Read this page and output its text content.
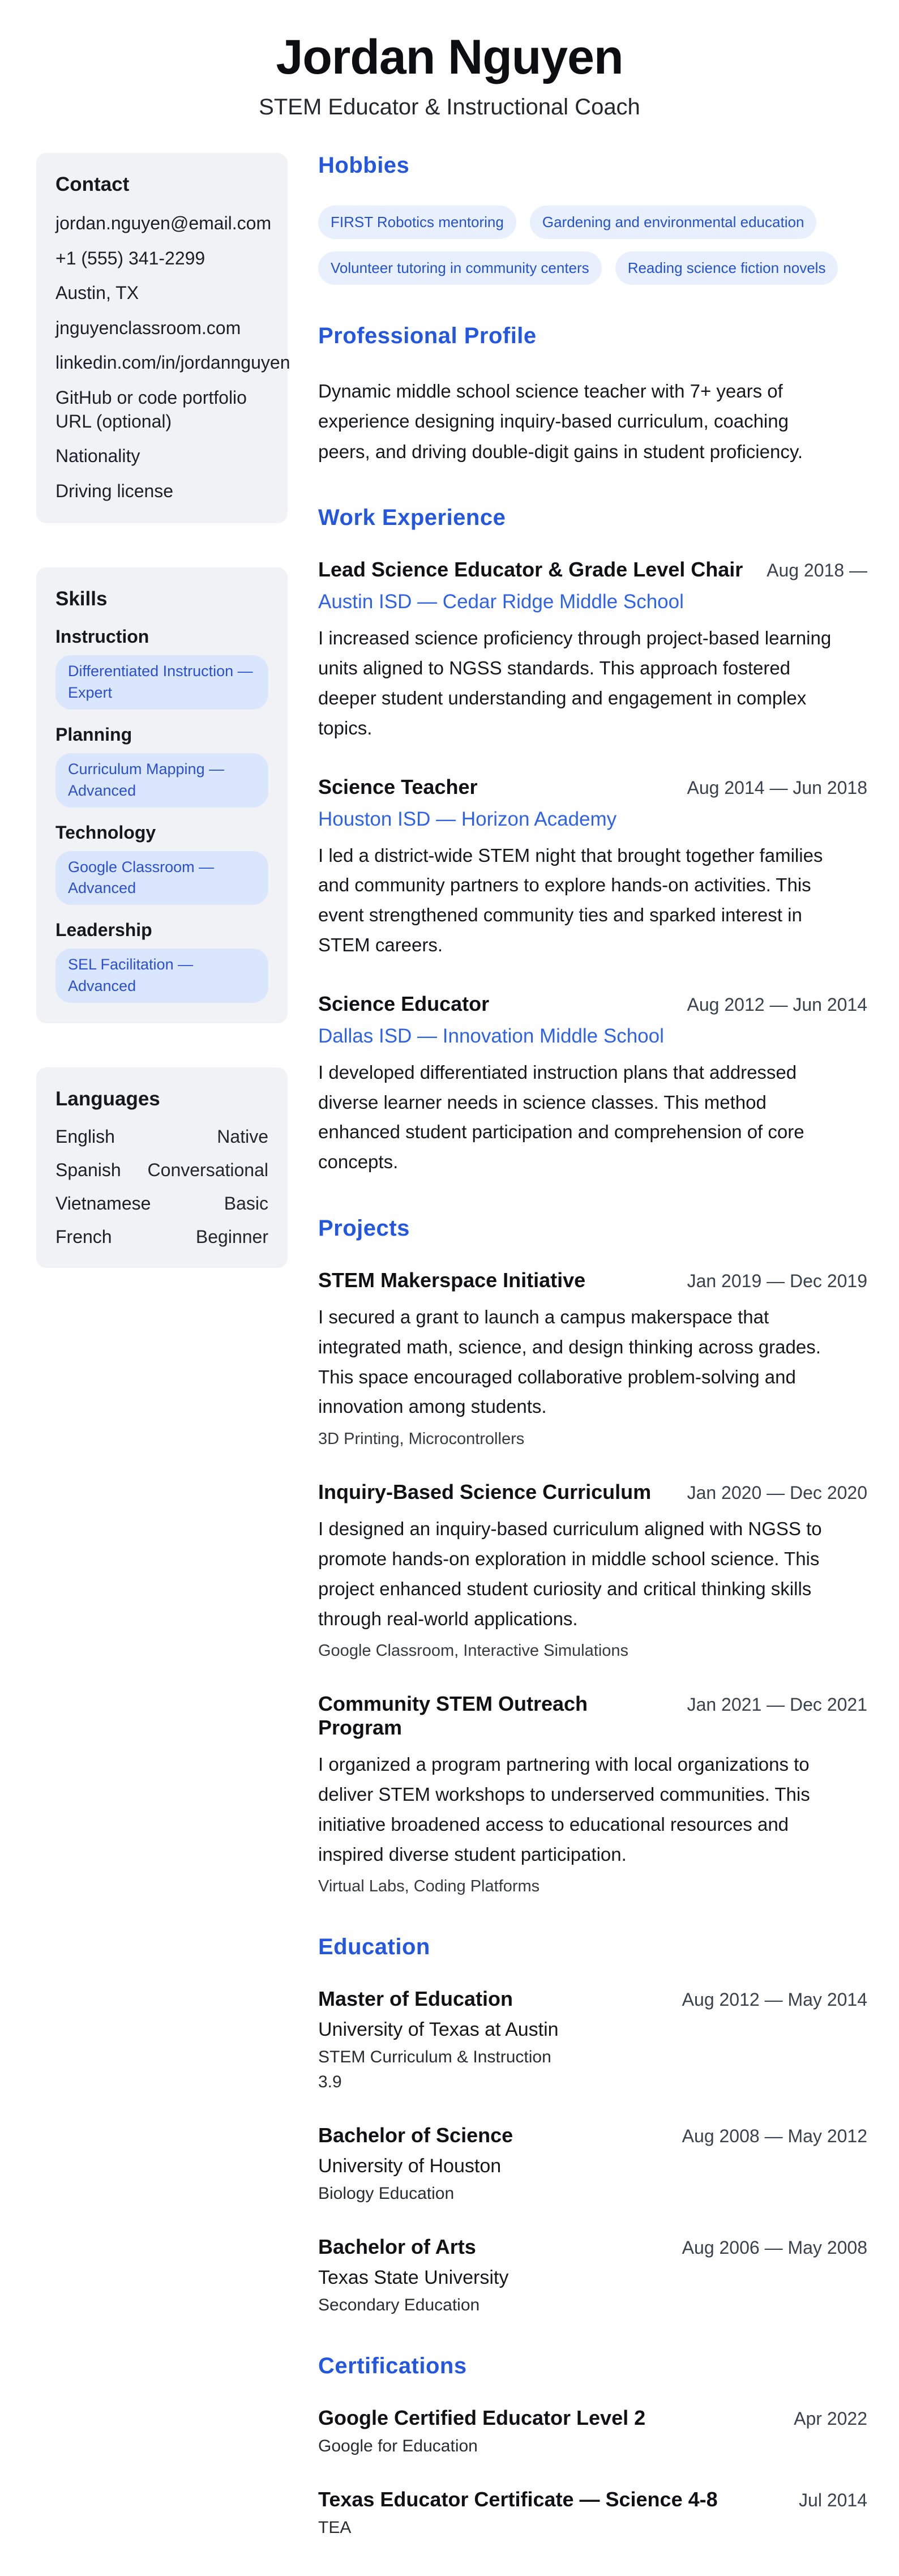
Jordan Nguyen
STEM Educator & Instructional Coach
Contact
jordan.nguyen@email.com
+1 (555) 341-2299
Austin, TX
jnguyenclassroom.com
linkedin.com/in/jordannguyen
GitHub or code portfolio URL (optional)
Nationality
Driving license
Skills
Instruction
Differentiated Instruction — Expert
Planning
Curriculum Mapping — Advanced
Technology
Google Classroom — Advanced
Leadership
SEL Facilitation — Advanced
Languages
English	Native
Spanish Conversational
Vietnamese	Basic
French	Beginner
Hobbies
FIRST Robotics mentoring	Gardening and environmental education
Volunteer tutoring in community centers	Reading science fiction novels
Professional Profile
Dynamic middle school science teacher with 7+ years of experience designing inquiry-based curriculum, coaching peers, and driving double-digit gains in student proficiency.
Work Experience
Lead Science Educator & Grade Level Chair Aug 2018 —
Austin ISD — Cedar Ridge Middle School
I increased science proficiency through project-based learning units aligned to NGSS standards. This approach fostered deeper student understanding and engagement in complex topics.
Science Teacher	Aug 2014 — Jun 2018
Houston ISD — Horizon Academy
I led a district-wide STEM night that brought together families and community partners to explore hands-on activities. This event strengthened community ties and sparked interest in STEM careers.
Science Educator	Aug 2012 — Jun 2014
Dallas ISD — Innovation Middle School
I developed differentiated instruction plans that addressed diverse learner needs in science classes. This method enhanced student participation and comprehension of core concepts.
Projects
STEM Makerspace Initiative	Jan 2019 — Dec 2019
I secured a grant to launch a campus makerspace that integrated math, science, and design thinking across grades. This space encouraged collaborative problem-solving and innovation among students.
3D Printing, Microcontrollers
Inquiry-Based Science Curriculum Jan 2020 — Dec 2020
I designed an inquiry-based curriculum aligned with NGSS to promote hands-on exploration in middle school science. This project enhanced student curiosity and critical thinking skills through real-world applications.
Google Classroom, Interactive Simulations
Community STEM Outreach Program
Jan 2021 — Dec 2021
I organized a program partnering with local organizations to deliver STEM workshops to underserved communities. This initiative broadened access to educational resources and inspired diverse student participation.
Virtual Labs, Coding Platforms
Education
Master of Education	Aug 2012 — May 2014
University of Texas at Austin
STEM Curriculum & Instruction
3.9
Bachelor of Science	Aug 2008 — May 2012
University of Houston
Biology Education
Bachelor of Arts	Aug 2006 — May 2008
Texas State University
Secondary Education
Certifications
Google Certified Educator Level 2	Apr 2022
Google for Education
Texas Educator Certificate — Science 4-8	Jul 2014
TEA
